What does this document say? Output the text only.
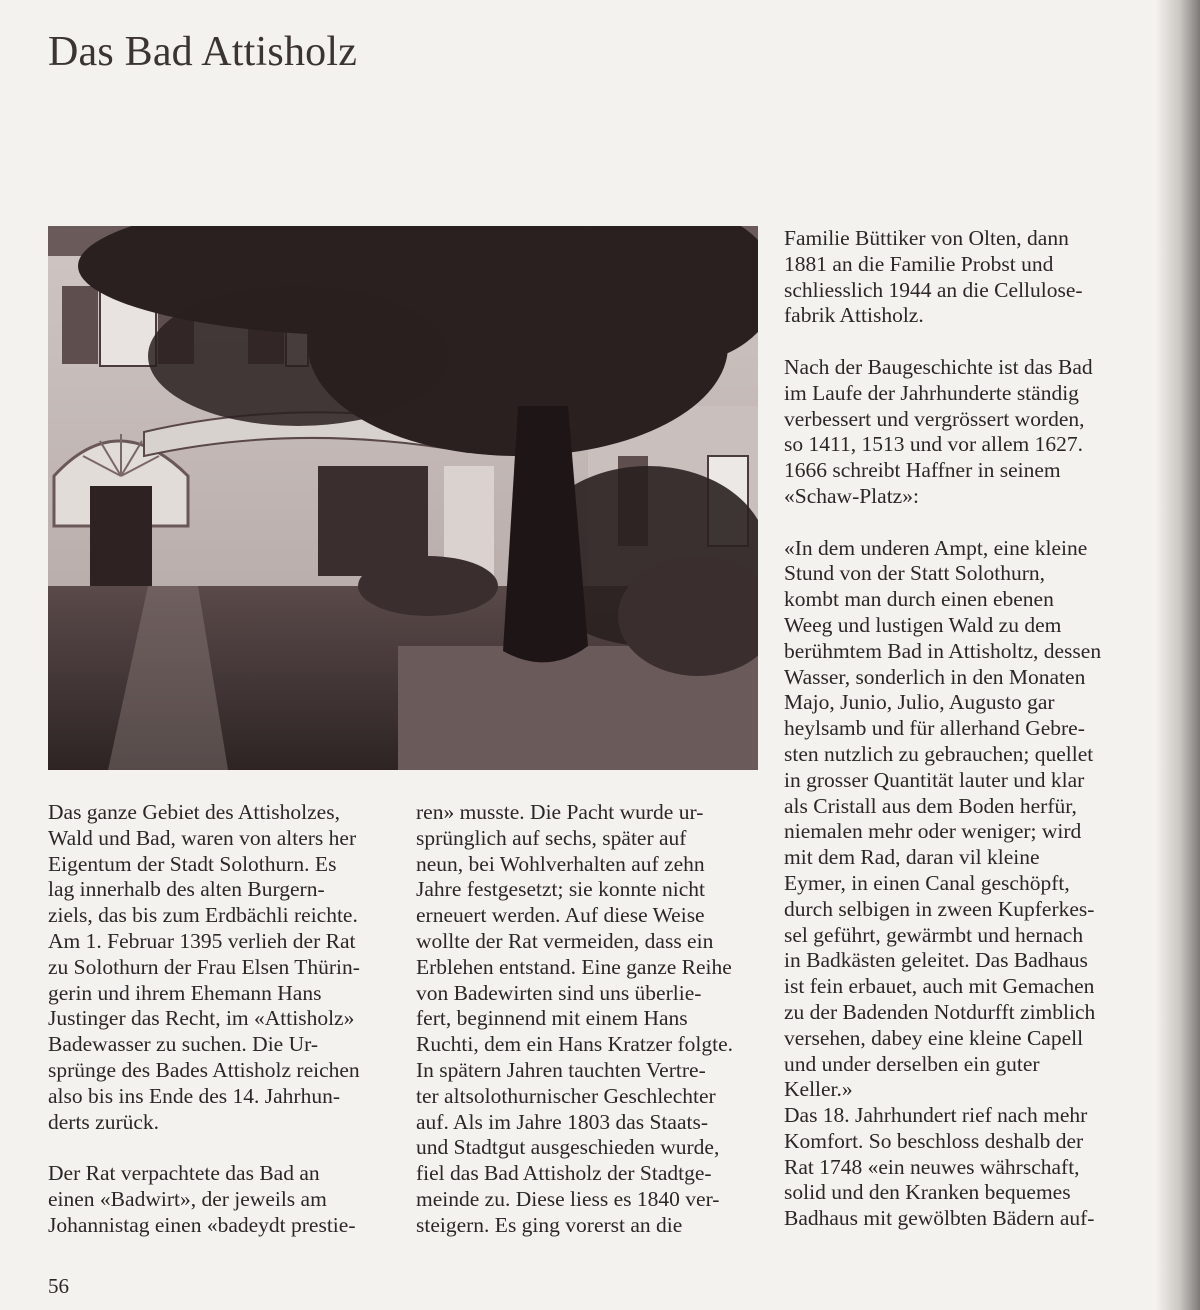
Das Bad Attisholz

Das ganze Gebiet des Attisholzes,

Wald und Bad, waren von alters her

Eigentum der Stadt Solothurn. Es

lag innerhalb des alten Burgern-

ziels, das bis zum Erdbächli reichte.

Am 1. Februar 1395 verlieh der Rat

zu Solothurn der Frau Elsen Thürin-

gerin und ihrem Ehemann Hans

Justinger das Recht, im «Attisholz»

Badewasser zu suchen. Die Ur-

sprünge des Bades Attisholz reichen

also bis ins Ende des 14. Jahrhun-

derts zurück.

Der Rat verpachtete das Bad an

einen «Badwirt», der jeweils am

Johannistag einen «badeydt prestie-

ren» musste. Die Pacht wurde ur-

sprünglich auf sechs, später auf

neun, bei Wohlverhalten auf zehn

Jahre festgesetzt; sie konnte nicht

erneuert werden. Auf diese Weise

wollte der Rat vermeiden, dass ein

Erblehen entstand. Eine ganze Reihe

von Badewirten sind uns überlie-

fert, beginnend mit einem Hans

Ruchti, dem ein Hans Kratzer folgte.

In spätern Jahren tauchten Vertre-

ter altsolothurnischer Geschlechter

auf. Als im Jahre 1803 das Staats-

und Stadtgut ausgeschieden wurde,

fiel das Bad Attisholz der Stadtge-

meinde zu. Diese liess es 1840 ver-

steigern. Es ging vorerst an die

Familie Büttiker von Olten, dann

1881 an die Familie Probst und

schliesslich 1944 an die Cellulose-

fabrik Attisholz.

Nach der Baugeschichte ist das Bad

im Laufe der Jahrhunderte ständig

verbessert und vergrössert worden,

so 1411, 1513 und vor allem 1627.

1666 schreibt Haffner in seinem

«Schaw-Platz»:

«In dem underen Ampt, eine kleine

Stund von der Statt Solothurn,

kombt man durch einen ebenen

Weeg und lustigen Wald zu dem

berühmtem Bad in Attisholtz, dessen

Wasser, sonderlich in den Monaten

Majo, Junio, Julio, Augusto gar

heylsamb und für allerhand Gebre-

sten nutzlich zu gebrauchen; quellet

in grosser Quantität lauter und klar

als Cristall aus dem Boden herfür,

niemalen mehr oder weniger; wird

mit dem Rad, daran vil kleine

Eymer, in einen Canal geschöpft,

durch selbigen in zween Kupferkes-

sel geführt, gewärmbt und hernach

in Badkästen geleitet. Das Badhaus

ist fein erbauet, auch mit Gemachen

zu der Badenden Notdurfft zimblich

versehen, dabey eine kleine Capell

und under derselben ein guter

Keller.»

Das 18. Jahrhundert rief nach mehr

Komfort. So beschloss deshalb der

Rat 1748 «ein neuwes währschaft,

solid und den Kranken bequemes

Badhaus mit gewölbten Bädern auf-

56
